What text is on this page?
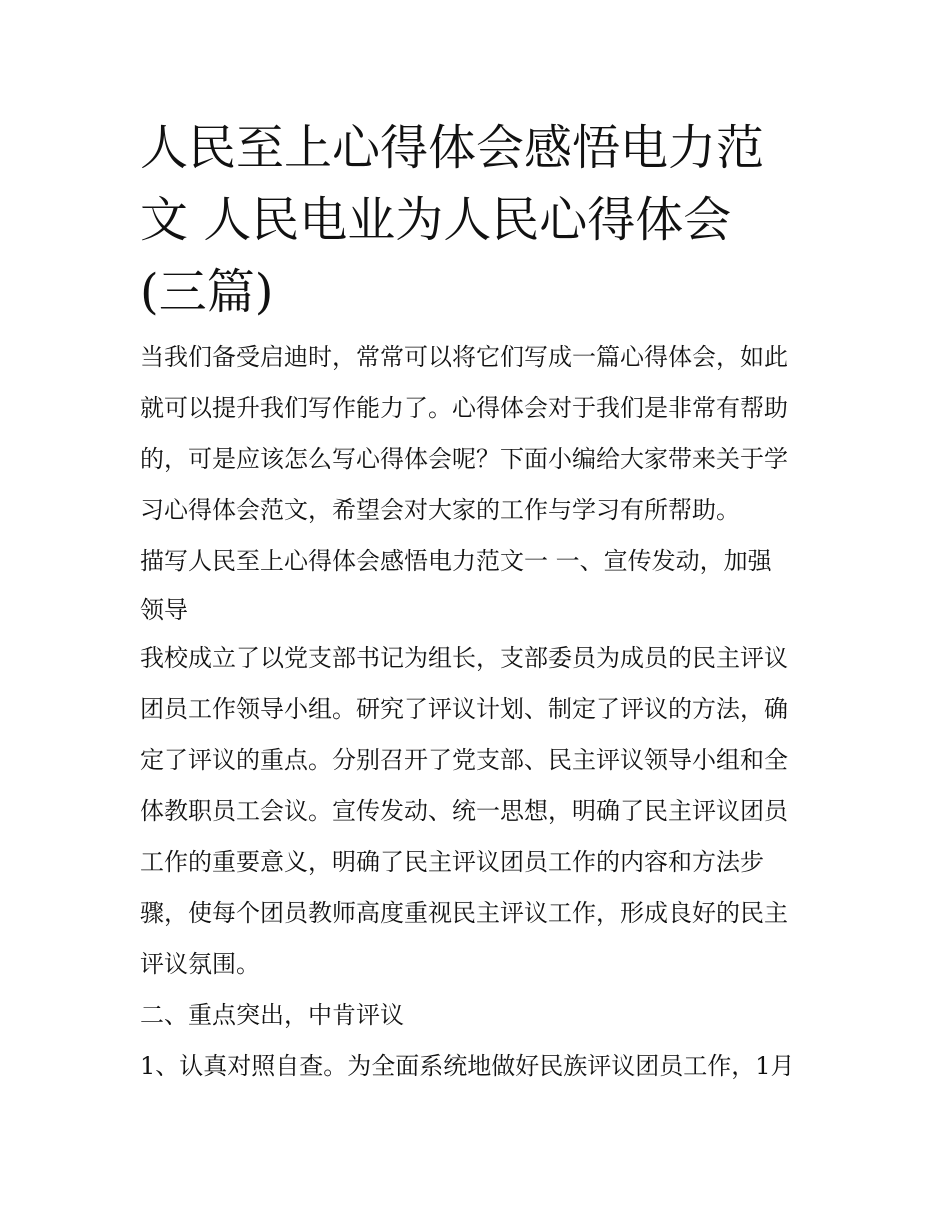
人民至上心得体会感悟电力范
文 人民电业为人民心得体会
(三篇)

当我们备受启迪时，常常可以将它们写成一篇心得体会，如此
就可以提升我们写作能力了。心得体会对于我们是非常有帮助
的，可是应该怎么写心得体会呢？下面小编给大家带来关于学
习心得体会范文，希望会对大家的工作与学习有所帮助。

描写人民至上心得体会感悟电力范文一 一、宣传发动，加强
领导

我校成立了以党支部书记为组长，支部委员为成员的民主评议
团员工作领导小组。研究了评议计划、制定了评议的方法，确
定了评议的重点。分别召开了党支部、民主评议领导小组和全
体教职员工会议。宣传发动、统一思想，明确了民主评议团员
工作的重要意义，明确了民主评议团员工作的内容和方法步
骤，使每个团员教师高度重视民主评议工作，形成良好的民主
评议氛围。

二、重点突出，中肯评议

1、认真对照自查。为全面系统地做好民族评议团员工作，1月
